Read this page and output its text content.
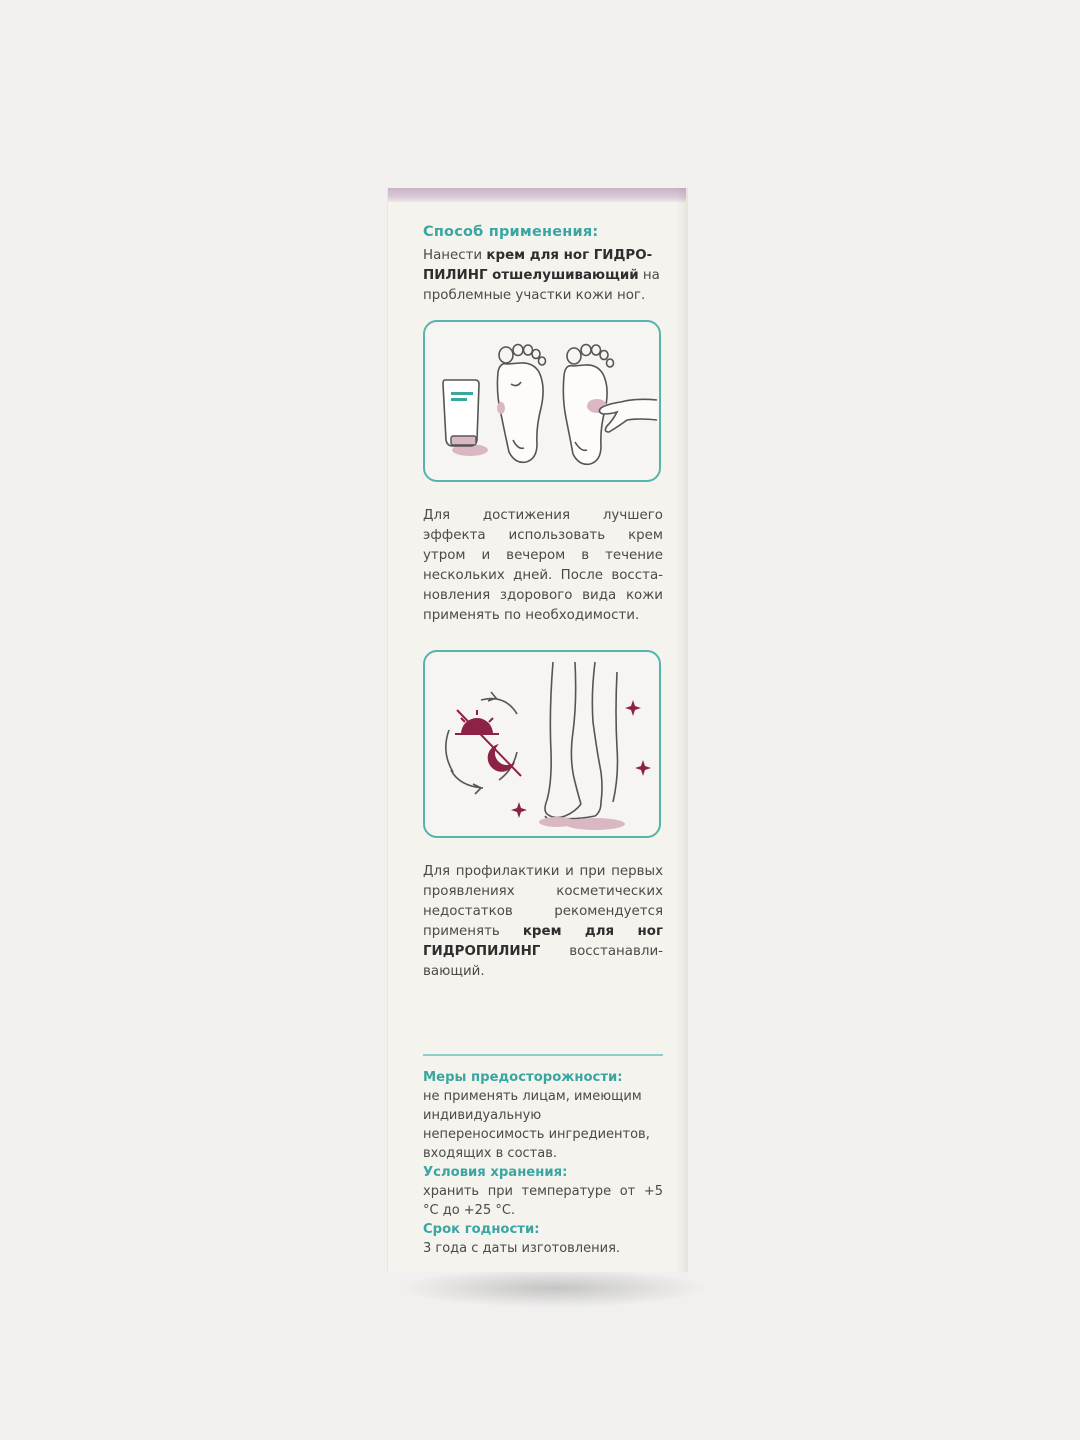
Способ применения:

Нанести крем для ног ГИДРО-ПИЛИНГ отшелушивающий на проблемные участки кожи ног.

Для достижения лучшего эффекта использовать крем утром и вечером в течение нескольких дней. После восста-новления здорового вида кожи применять по необходимости.

Для профилактики и при первых проявлениях косметических недостатков рекомендуется применять крем для ног ГИДРОПИЛИНГ восстанавли-вающий.

Меры предосторожности:

не применять лицам, имеющим индивидуальную непереносимость ингредиентов, входящих в состав.

Условия хранения:

хранить при температуре от +5 °С до +25 °С.

Срок годности:

3 года с даты изготовления.
